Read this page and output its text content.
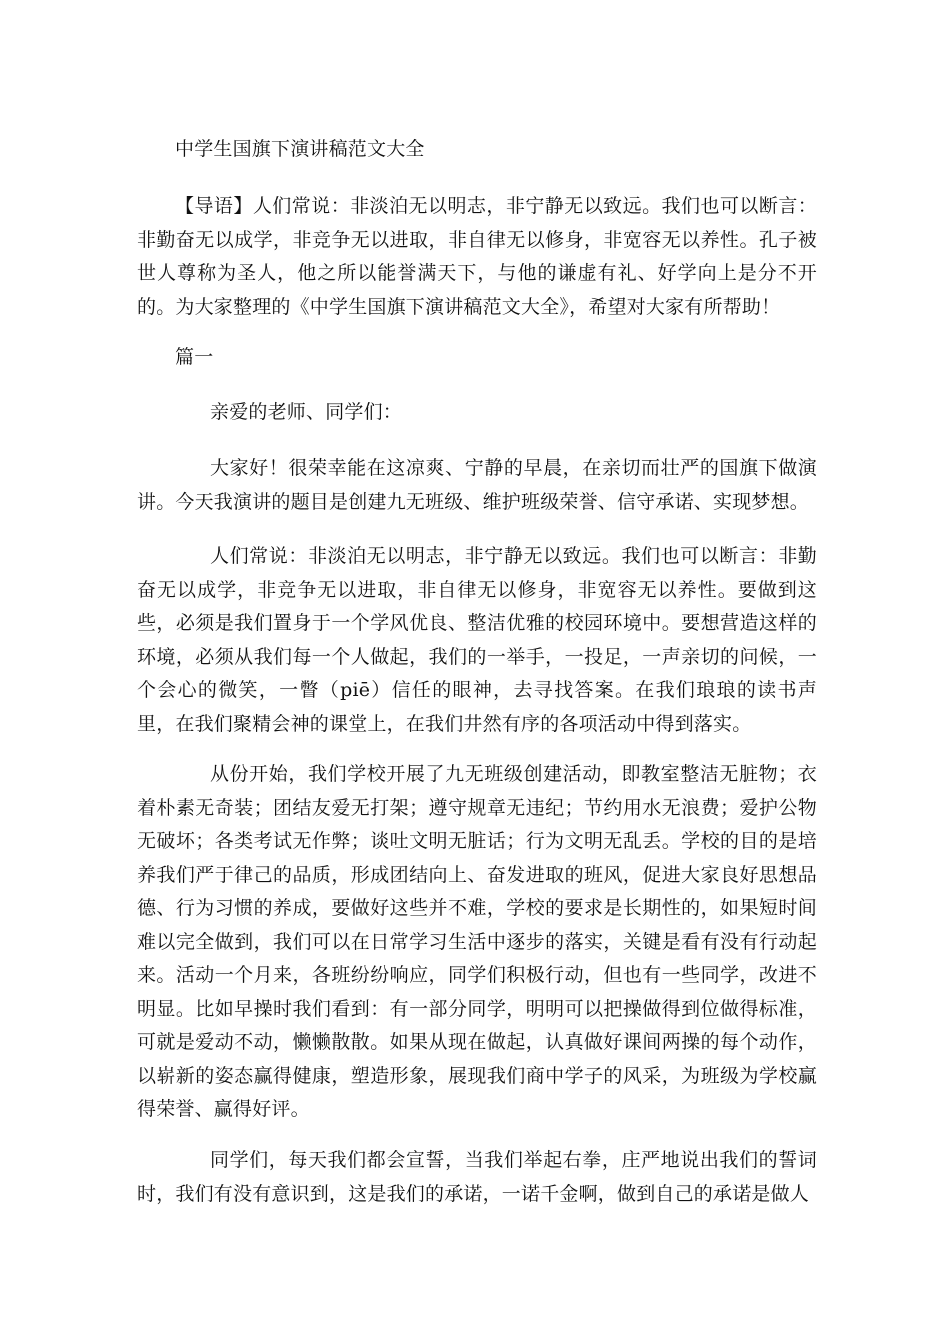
中学生国旗下演讲稿范文大全
【导语】人们常说：非淡泊无以明志，非宁静无以致远。我们也可以断言：非勤奋无以成学，非竞争无以进取，非自律无以修身，非宽容无以养性。孔子被世人尊称为圣人，他之所以能誉满天下，与他的谦虚有礼、好学向上是分不开的。为大家整理的《中学生国旗下演讲稿范文大全》，希望对大家有所帮助！
篇一
亲爱的老师、同学们：
大家好！很荣幸能在这凉爽、宁静的早晨，在亲切而壮严的国旗下做演讲。今天我演讲的题目是创建九无班级、维护班级荣誉、信守承诺、实现梦想。
人们常说：非淡泊无以明志，非宁静无以致远。我们也可以断言：非勤奋无以成学，非竞争无以进取，非自律无以修身，非宽容无以养性。要做到这些，必须是我们置身于一个学风优良、整洁优雅的校园环境中。要想营造这样的环境，必须从我们每一个人做起，我们的一举手，一投足，一声亲切的问候，一个会心的微笑，一瞥（piē）信任的眼神，去寻找答案。在我们琅琅的读书声里，在我们聚精会神的课堂上，在我们井然有序的各项活动中得到落实。
从份开始，我们学校开展了九无班级创建活动，即教室整洁无脏物；衣着朴素无奇装；团结友爱无打架；遵守规章无违纪；节约用水无浪费；爱护公物无破坏；各类考试无作弊；谈吐文明无脏话；行为文明无乱丢。学校的目的是培养我们严于律己的品质，形成团结向上、奋发进取的班风，促进大家良好思想品德、行为习惯的养成，要做好这些并不难，学校的要求是长期性的，如果短时间难以完全做到，我们可以在日常学习生活中逐步的落实，关键是看有没有行动起来。活动一个月来，各班纷纷响应，同学们积极行动，但也有一些同学，改进不明显。比如早操时我们看到：有一部分同学，明明可以把操做得到位做得标准，可就是爱动不动，懒懒散散。如果从现在做起，认真做好课间两操的每个动作，以崭新的姿态赢得健康，塑造形象，展现我们商中学子的风采，为班级为学校赢得荣誉、赢得好评。
同学们，每天我们都会宣誓，当我们举起右拳，庄严地说出我们的誓词时，我们有没有意识到，这是我们的承诺，一诺千金啊，做到自己的承诺是做人
